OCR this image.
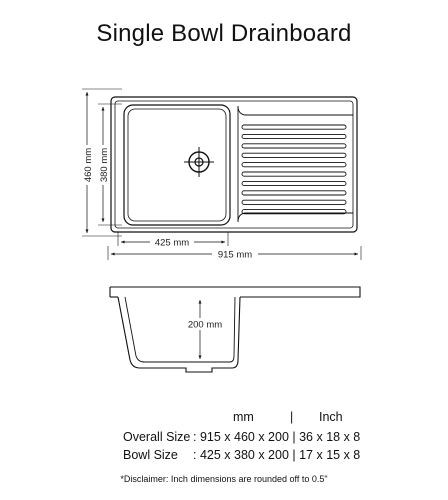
Single Bowl Drainboard
460 mm 380 mm
425 mm
915 mm
200 mm
mm	| Inch
Overall Size : 915 x 460 x 200 | 36 x 18 x 8
Bowl Size : 425 x 380 x 200 | 17 x 15 x 8
*Disclaimer: Inch dimensions are rounded off to 0.5"
